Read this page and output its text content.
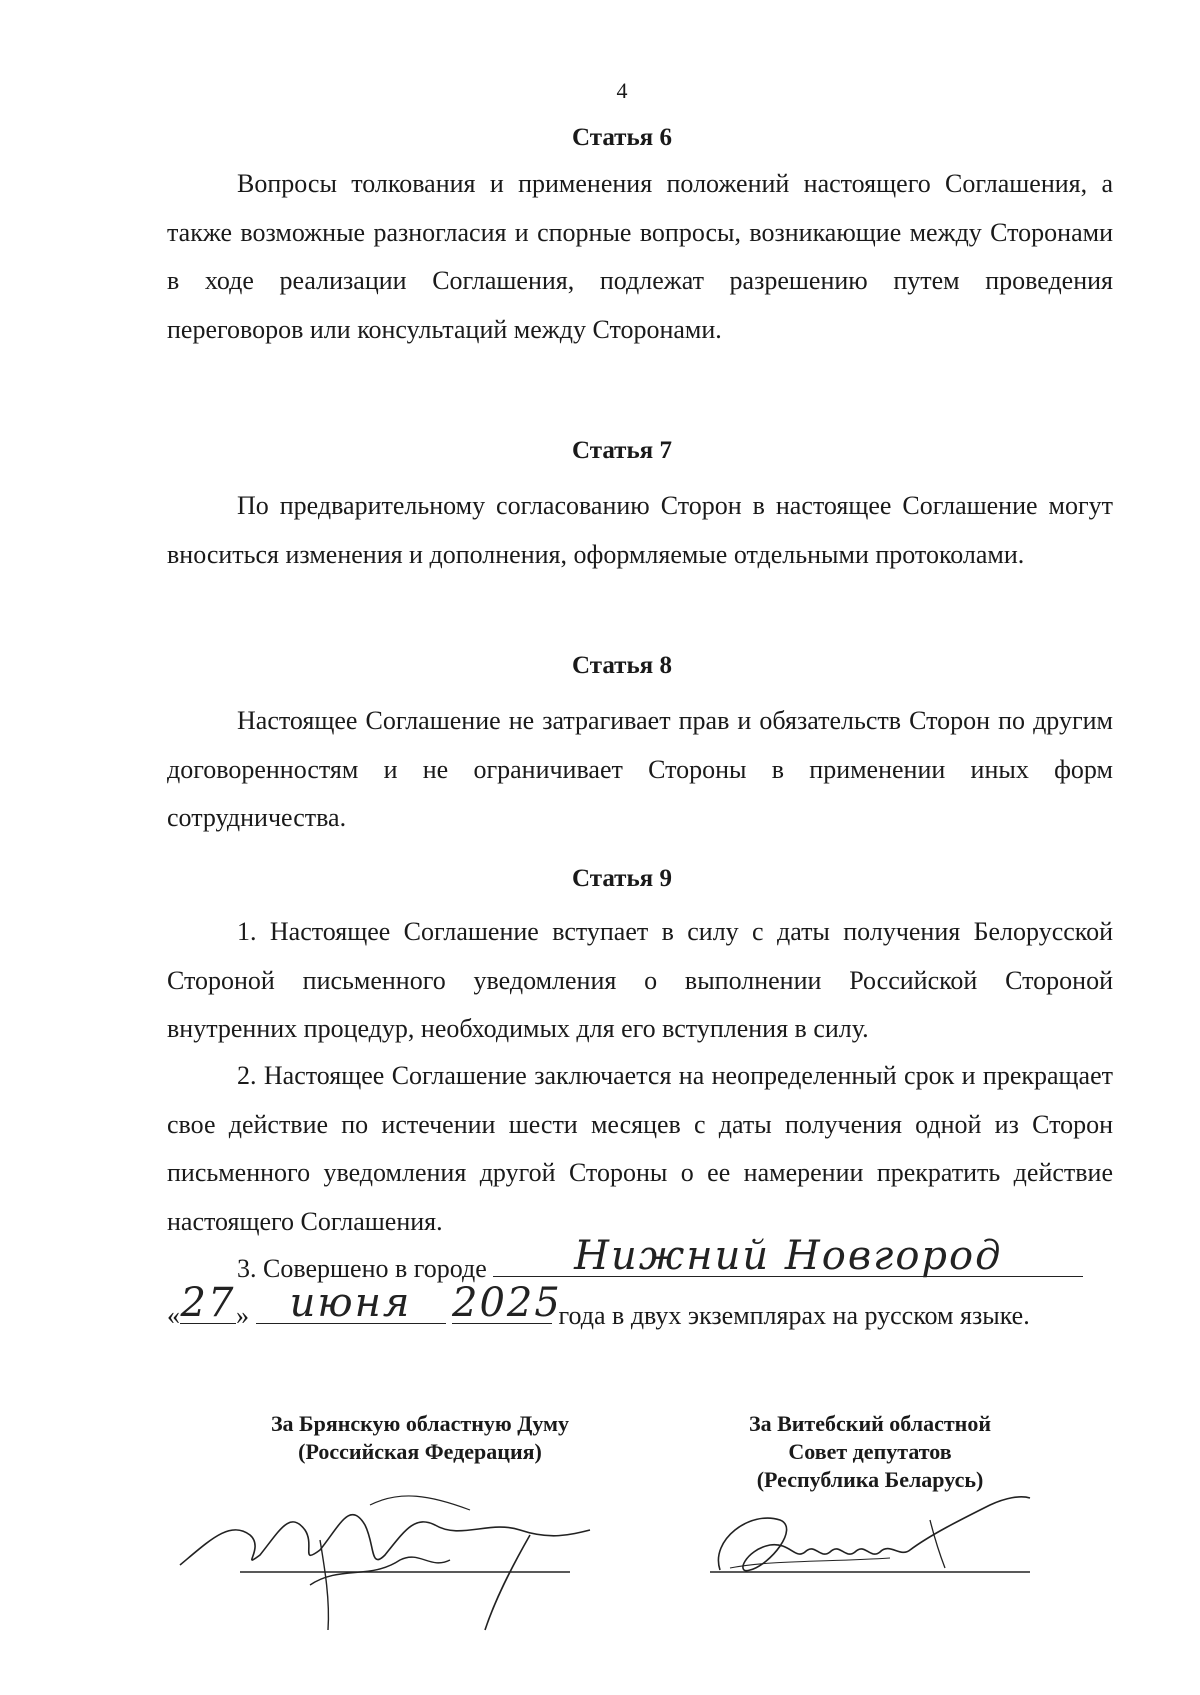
4
Статья 6

Вопросы толкования и применения положений настоящего Соглашения, а также возможные разногласия и спорные вопросы, возникающие между Сторонами в ходе реализации Соглашения, подлежат разрешению путем проведения переговоров или консультаций между Сторонами.

Статья 7

По предварительному согласованию Сторон в настоящее Соглашение могут вноситься изменения и дополнения, оформляемые отдельными протоколами.

Статья 8

Настоящее Соглашение не затрагивает прав и обязательств Сторон по другим договоренностям и не ограничивает Стороны в применении иных форм сотрудничества.

Статья 9

1. Настоящее Соглашение вступает в силу с даты получения Белорусской Стороной письменного уведомления о выполнении Российской Стороной внутренних процедур, необходимых для его вступления в силу.

2. Настоящее Соглашение заключается на неопределенный срок и прекращает свое действие по истечении шести месяцев с даты получения одной из Сторон письменного уведомления другой Стороны о ее намерении прекратить действие настоящего Соглашения.

3. Совершено в городе	Нижний Новгород
« 27 »	июня
	2025
года в двух экземплярах на русском языке.
За Брянскую областную Думу
(Российская Федерация)
За Витебский областной
Совет депутатов
(Республика Беларусь)
